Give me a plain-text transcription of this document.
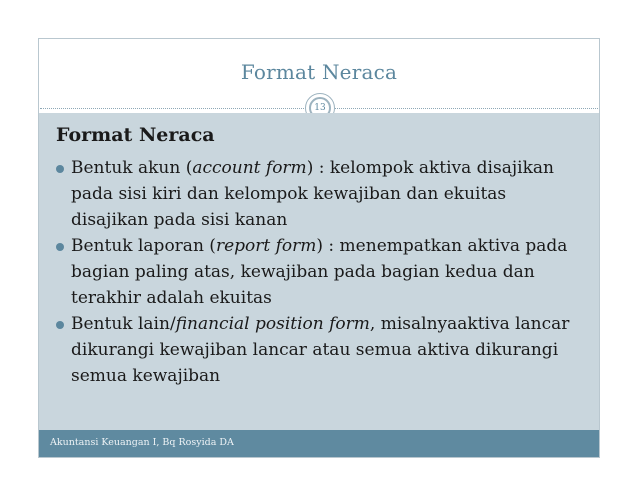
Format Neraca
13
Format Neraca
Bentuk akun (account form) : kelompok aktiva disajikan pada sisi kiri dan kelompok kewajiban dan ekuitas disajikan pada sisi kanan
Bentuk laporan (report form) : menempatkan aktiva pada bagian paling atas, kewajiban pada bagian kedua dan terakhir adalah ekuitas
Bentuk lain/financial position form, misalnyaaktiva lancar dikurangi kewajiban lancar atau semua aktiva dikurangi semua kewajiban
Akuntansi Keuangan I, Bq Rosyida DA
